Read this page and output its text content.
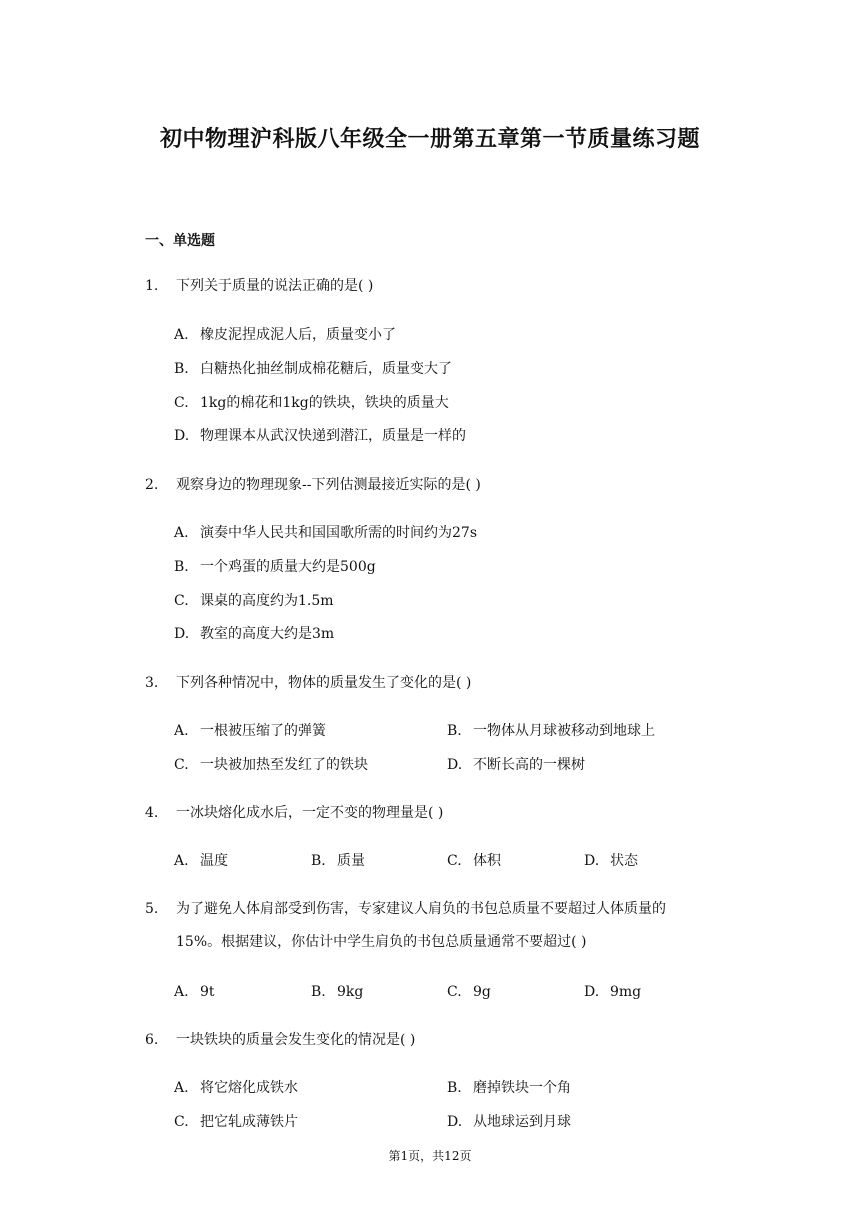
初中物理沪科版八年级全一册第五章第一节质量练习题
一、单选题
1. 下列关于质量的说法正确的是( )
A. 橡皮泥捏成泥人后，质量变小了
B. 白糖热化抽丝制成棉花糖后，质量变大了
C. 1kg的棉花和1kg的铁块，铁块的质量大
D. 物理课本从武汉快递到潜江，质量是一样的
2. 观察身边的物理现象--下列估测最接近实际的是( )
A. 演奏中华人民共和国国歌所需的时间约为27s
B. 一个鸡蛋的质量大约是500g
C. 课桌的高度约为1.5m
D. 教室的高度大约是3m
3. 下列各种情况中，物体的质量发生了变化的是( )
A. 一根被压缩了的弹簧	B. 一物体从月球被移动到地球上
C. 一块被加热至发红了的铁块	D. 不断长高的一棵树
4. 一冰块熔化成水后，一定不变的物理量是( )
A. 温度	B. 质量	C. 体积	D. 状态
5. 为了避免人体肩部受到伤害，专家建议人肩负的书包总质量不要超过人体质量的
15%。根据建议，你估计中学生肩负的书包总质量通常不要超过( )
A. 9t	B. 9kg	C. 9g	D. 9mg
6. 一块铁块的质量会发生变化的情况是( )
A. 将它熔化成铁水	B. 磨掉铁块一个角
C. 把它轧成薄铁片	D. 从地球运到月球
第1页，共12页
